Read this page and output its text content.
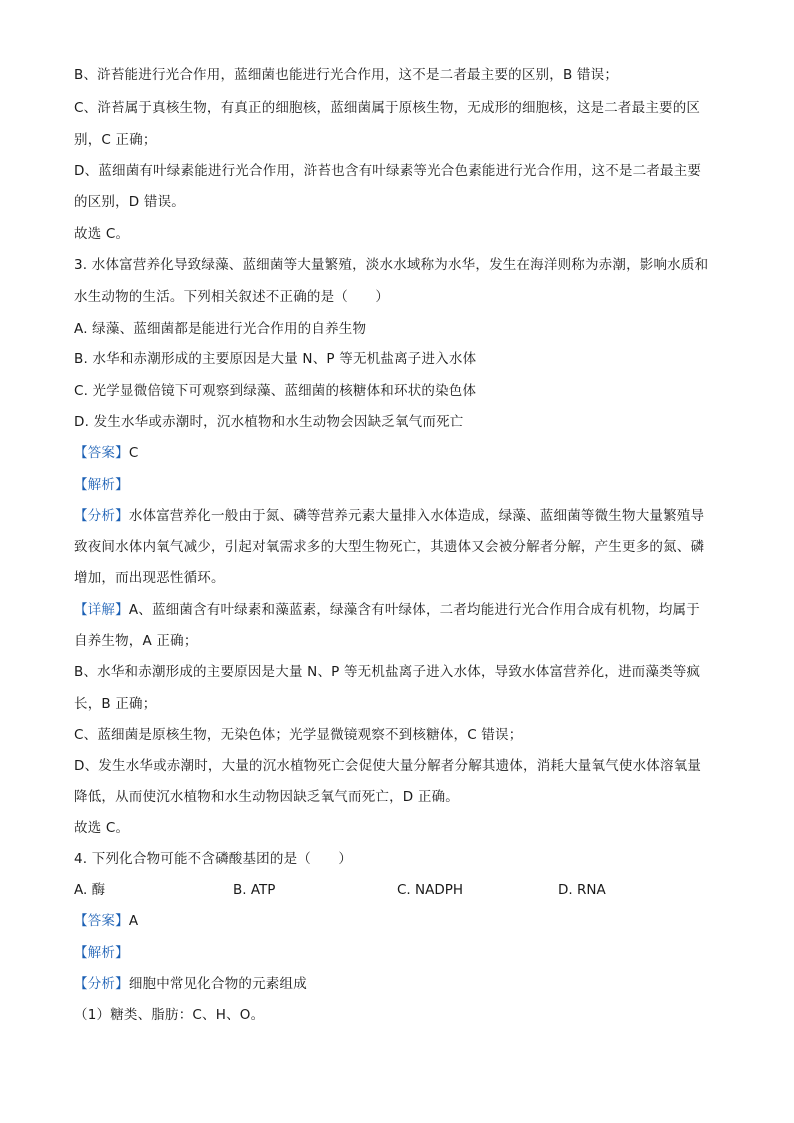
B、浒苔能进行光合作用，蓝细菌也能进行光合作用，这不是二者最主要的区别，B 错误；
C、浒苔属于真核生物，有真正的细胞核，蓝细菌属于原核生物，无成形的细胞核，这是二者最主要的区
别，C 正确；
D、蓝细菌有叶绿素能进行光合作用，浒苔也含有叶绿素等光合色素能进行光合作用，这不是二者最主要
的区别，D 错误。
故选 C。
3. 水体富营养化导致绿藻、蓝细菌等大量繁殖，淡水水域称为水华，发生在海洋则称为赤潮，影响水质和
水生动物的生活。下列相关叙述不正确的是（　　）
A. 绿藻、蓝细菌都是能进行光合作用的自养生物
B. 水华和赤潮形成的主要原因是大量 N、P 等无机盐离子进入水体
C. 光学显微倍镜下可观察到绿藻、蓝细菌的核糖体和环状的染色体
D. 发生水华或赤潮时，沉水植物和水生动物会因缺乏氧气而死亡
【答案】C
【解析】
【分析】水体富营养化一般由于氮、磷等营养元素大量排入水体造成，绿藻、蓝细菌等微生物大量繁殖导
致夜间水体内氧气减少，引起对氧需求多的大型生物死亡，其遗体又会被分解者分解，产生更多的氮、磷
增加，而出现恶性循环。
【详解】A、蓝细菌含有叶绿素和藻蓝素，绿藻含有叶绿体，二者均能进行光合作用合成有机物，均属于
自养生物，A 正确；
B、水华和赤潮形成的主要原因是大量 N、P 等无机盐离子进入水体，导致水体富营养化，进而藻类等疯
长，B 正确；
C、蓝细菌是原核生物，无染色体；光学显微镜观察不到核糖体，C 错误；
D、发生水华或赤潮时，大量的沉水植物死亡会促使大量分解者分解其遗体，消耗大量氧气使水体溶氧量
降低，从而使沉水植物和水生动物因缺乏氧气而死亡，D 正确。
故选 C。
4. 下列化合物可能不含磷酸基团的是（　　）
A. 酶	B. ATP	C. NADPH	D. RNA
【答案】A
【解析】
【分析】细胞中常见化合物的元素组成
（1）糖类、脂肪：C、H、O。
